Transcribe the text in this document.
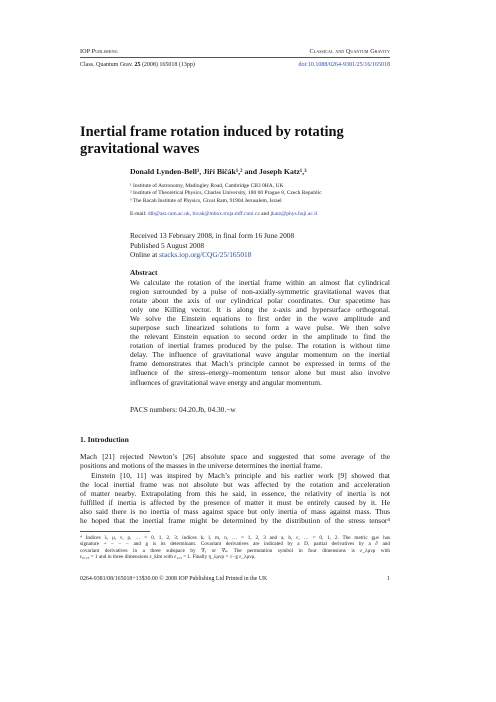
IOP Publishing	Classical and Quantum Gravity
Class. Quantum Grav. 25 (2008) 165018 (13pp)	doi:10.1088/0264-9381/25/16/165018
Inertial frame rotation induced by rotating
gravitational waves
Donald Lynden-Bell¹, Jiří Bičák¹,² and Joseph Katz¹,³
¹ Institute of Astronomy, Madingley Road, Cambridge CB3 0HA, UK
² Institute of Theoretical Physics, Charles University, 180 00 Prague 8, Czech Republic
³ The Racah Institute of Physics, Givat Ram, 91904 Jerusalem, Israel
E-mail: dlb@ast.cam.ac.uk, bicak@mbox.troja.mff.cuni.cz and jkatz@phys.huji.ac.il
Received 13 February 2008, in final form 16 June 2008
Published 5 August 2008
Online at stacks.iop.org/CQG/25/165018
Abstract
We calculate the rotation of the inertial frame within an almost flat cylindrical
region surrounded by a pulse of non-axially-symmetric gravitational waves that
rotate about the axis of our cylindrical polar coordinates. Our spacetime has
only one Killing vector. It is along the z-axis and hypersurface orthogonal.
We solve the Einstein equations to first order in the wave amplitude and
superpose such linearized solutions to form a wave pulse. We then solve
the relevant Einstein equation to second order in the amplitude to find the
rotation of inertial frames produced by the pulse. The rotation is without time
delay. The influence of gravitational wave angular momentum on the inertial
frame demonstrates that Mach’s principle cannot be expressed in terms of the
influence of the stress–energy–momentum tensor alone but must also involve
influences of gravitational wave energy and angular momentum.
PACS numbers: 04.20.Jb, 04.30.−w
1. Introduction
Mach [21] rejected Newton’s [26] absolute space and suggested that some average of the
positions and motions of the masses in the universe determines the inertial frame.
Einstein [10, 11] was inspired by Mach’s principle and his earlier work [9] showed that
the local inertial frame was not absolute but was affected by the rotation and acceleration
of matter nearby. Extrapolating from this he said, in essence, the relativity of inertia is not
fulfilled if inertia is affected by the presence of matter it must be entirely caused by it. He
also said there is no inertia of mass against space but only inertia of mass against mass. Thus
he hoped that the inertial frame might be determined by the distribution of the stress tensor⁴
⁴ Indices λ, μ, ν, ρ, … = 0, 1, 2, 3; indices k, l, m, n, … = 1, 2, 3 and a, b, c, … = 0, 1, 2. The metric gμν has
signature + − − − and g is its determinant. Covariant derivatives are indicated by a D, partial derivatives by a ∂ and
covariant derivatives in a three subspace by ∇ₐ or ∇ₖ. The permutation symbol in four dimensions is ε_λμνρ with
ε₀₁₂₃ = 1 and in three dimensions ε_klm with ε₁₂₃ = 1. Finally η_λμνρ = √−g ε_λμνρ.
0264-9381/08/165018+13$30.00 © 2008 IOP Publishing Ltd Printed in the UK	1
